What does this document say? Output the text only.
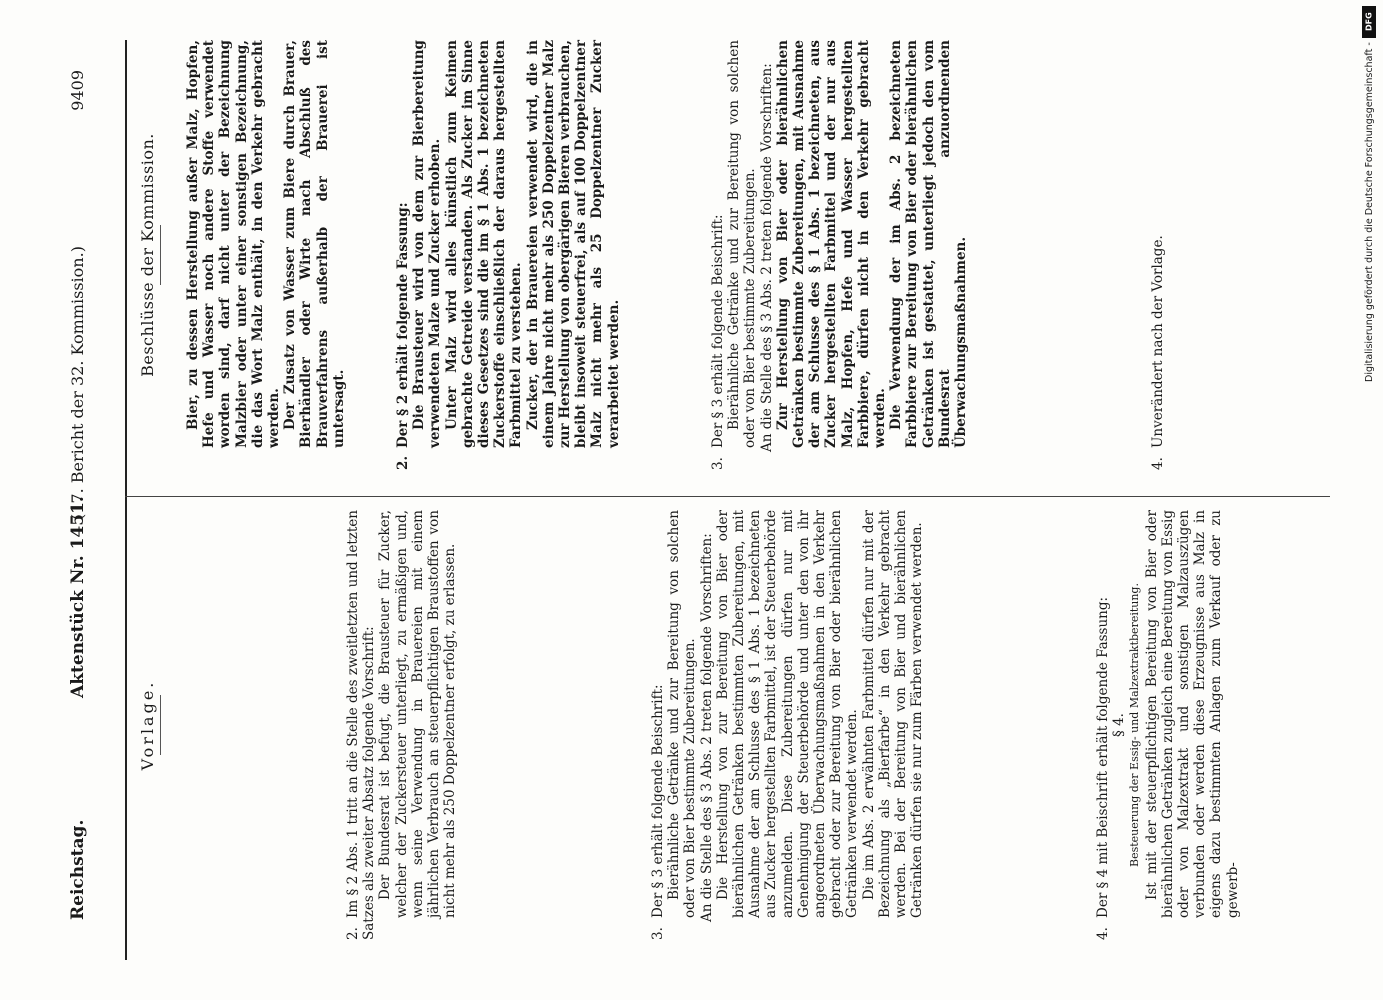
Reichstag.
Aktenstück Nr. 1451.
(17. Bericht der 32. Kommission.)
9409
Vorlage.

2.Im § 2 Abs. 1 tritt an die Stelle des zweitletzten und letzten Satzes als zweiter Absatz folgende Vorschrift: Der Bundesrat ist befugt, die Brausteuer für Zucker, welcher der Zuckersteuer unterliegt, zu ermäßigen und, wenn seine Verwendung in Brauereien mit einem jährlichen Verbrauch an steuerpflichtigen Braustoffen von nicht mehr als 250 Doppelzentner erfolgt, zu erlassen.

3.Der § 3 erhält folgende Beischrift: Bierähnliche Getränke und zur Bereitung von solchen oder von Bier bestimmte Zubereitungen. An die Stelle des § 3 Abs. 2 treten folgende Vorschriften: Die Herstellung von zur Bereitung von Bier oder bierähnlichen Getränken bestimmten Zubereitungen, mit Ausnahme der am Schlusse des § 1 Abs. 1 bezeichneten aus Zucker hergestellten Farbmittel, ist der Steuerbehörde anzumelden. Diese Zubereitungen dürfen nur mit Genehmigung der Steuerbehörde und unter den von ihr angeordneten Überwachungsmaßnahmen in den Verkehr gebracht oder zur Bereitung von Bier oder bierähnlichen Getränken verwendet werden. Die im Abs. 2 erwähnten Farbmittel dürfen nur mit der Bezeichnung als „Bierfarbe“ in den Verkehr gebracht werden. Bei der Bereitung von Bier und bierähnlichen Getränken dürfen sie nur zum Färben verwendet werden.

4.Der § 4 mit Beischrift erhält folgende Fassung: § 4. Besteuerung der Essig- und Malzextraktbereitung. Ist mit der steuerpflichtigen Bereitung von Bier oder bierähnlichen Getränken zugleich eine Bereitung von Essig oder von Malzextrakt und sonstigen Malzauszügen verbunden oder werden diese Erzeugnisse aus Malz in eigens dazu bestimmten Anlagen zum Verkauf oder zu gewerb-

Beschlüsse der Kommission. Bier, zu dessen Herstellung außer Malz, Hopfen, Hefe und Wasser noch andere Stoffe verwendet worden sind, darf nicht unter der Bezeichnung Malzbier oder unter einer sonstigen Bezeichnung, die das Wort Malz enthält, in den Verkehr gebracht werden. Der Zusatz von Wasser zum Biere durch Brauer, Bierhändler oder Wirte nach Abschluß des Brauverfahrens außerhalb der Brauerei ist untersagt.

2.Der § 2 erhält folgende Fassung: Die Brausteuer wird von dem zur Bierbereitung verwendeten Malze und Zucker erhoben. Unter Malz wird alles künstlich zum Keimen gebrachte Getreide verstanden. Als Zucker im Sinne dieses Gesetzes sind die im § 1 Abs. 1 bezeichneten Zuckerstoffe einschließlich der daraus hergestellten Farbmittel zu verstehen. Zucker, der in Brauereien verwendet wird, die in einem Jahre nicht mehr als 250 Doppelzentner Malz zur Herstellung von obergärigen Bieren verbrauchen, bleibt insoweit steuerfrei, als auf 100 Doppelzentner Malz nicht mehr als 25 Doppelzentner Zucker verarbeitet werden.

3.Der § 3 erhält folgende Beischrift: Bierähnliche Getränke und zur Bereitung von solchen oder von Bier bestimmte Zubereitungen. An die Stelle des § 3 Abs. 2 treten folgende Vorschriften: Zur Herstellung von Bier oder bierähnlichen Getränken bestimmte Zubereitungen, mit Ausnahme der am Schlusse des § 1 Abs. 1 bezeichneten, aus Zucker hergestellten Farbmittel und der nur aus Malz, Hopfen, Hefe und Wasser hergestellten Farbbiere, dürfen nicht in den Verkehr gebracht werden. Die Verwendung der im Abs. 2 bezeichneten Farbbiere zur Bereitung von Bier oder bierähnlichen Getränken ist gestattet, unterliegt jedoch den vom Bundesrat anzuordnenden Überwachungsmaßnahmen.

4.Unverändert nach der Vorlage.

DFG
Digitalisierung gefördert durch die Deutsche Forschungsgemeinschaft -
